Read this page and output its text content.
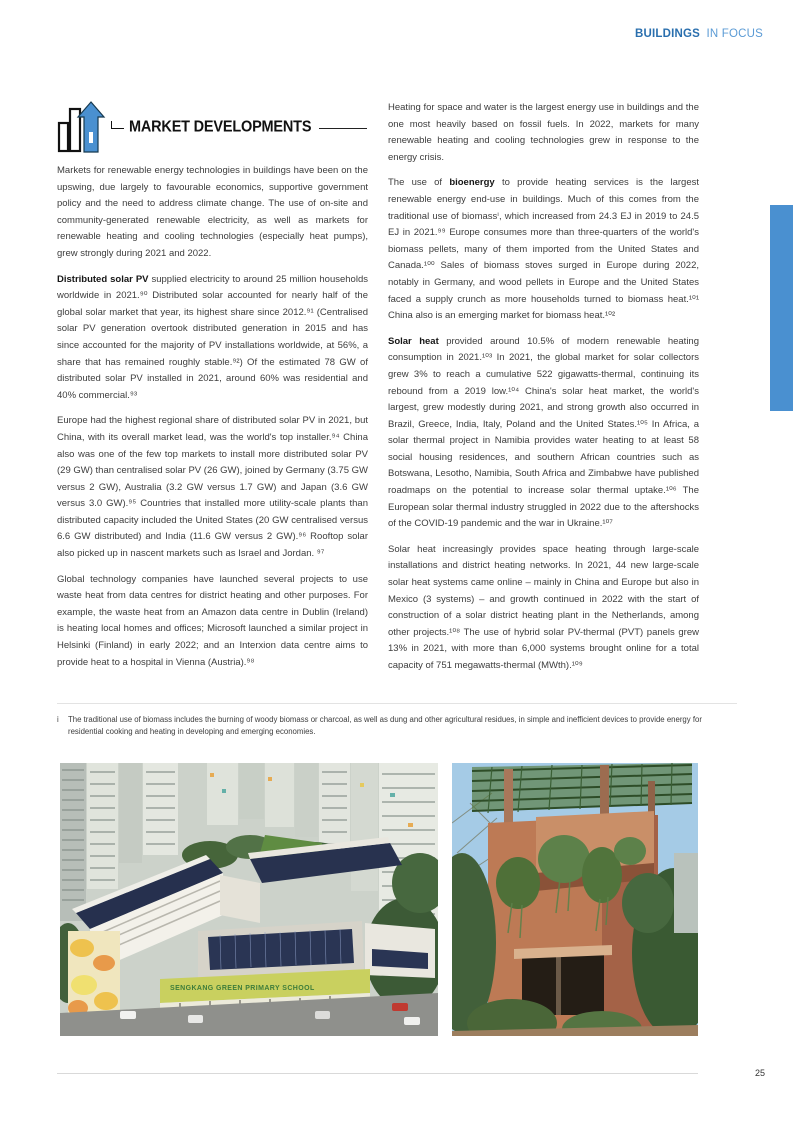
BUILDINGS IN FOCUS
MARKET DEVELOPMENTS

Markets for renewable energy technologies in buildings have been on the upswing, due largely to favourable economics, supportive government policy and the need to address climate change. The use of on-site and community-generated renewable electricity, as well as markets for renewable heating and cooling technologies (especially heat pumps), grew strongly during 2021 and 2022.

Distributed solar PV supplied electricity to around 25 million households worldwide in 2021.⁹⁰ Distributed solar accounted for nearly half of the global solar market that year, its highest share since 2012.⁹¹ (Centralised solar PV generation overtook distributed generation in 2015 and has since accounted for the majority of PV installations worldwide, at 56%, a share that has remained roughly stable.⁹²) Of the estimated 78 GW of distributed solar PV installed in 2021, around 60% was residential and 40% commercial.⁹³

Europe had the highest regional share of distributed solar PV in 2021, but China, with its overall market lead, was the world's top installer.⁹⁴ China also was one of the few top markets to install more distributed solar PV (29 GW) than centralised solar PV (26 GW), joined by Germany (3.75 GW versus 2 GW), Australia (3.2 GW versus 1.7 GW) and Japan (3.6 GW versus 3.0 GW).⁹⁵ Countries that installed more utility-scale plants than distributed capacity included the United States (20 GW centralised versus 6.6 GW distributed) and India (11.6 GW versus 2 GW).⁹⁶ Rooftop solar also picked up in nascent markets such as Israel and Jordan. ⁹⁷

Global technology companies have launched several projects to use waste heat from data centres for district heating and other purposes. For example, the waste heat from an Amazon data centre in Dublin (Ireland) is heating local homes and offices; Microsoft launched a similar project in Helsinki (Finland) in early 2022; and an Interxion data centre aims to provide heat to a hospital in Vienna (Austria).⁹⁸

Heating for space and water is the largest energy use in buildings and the one most heavily based on fossil fuels. In 2022, markets for many renewable heating and cooling technologies grew in response to the energy crisis.

The use of bioenergy to provide heating services is the largest renewable energy end-use in buildings. Much of this comes from the traditional use of biomassⁱ, which increased from 24.3 EJ in 2019 to 24.5 EJ in 2021.⁹⁹ Europe consumes more than three-quarters of the world's biomass pellets, many of them imported from the United States and Canada.¹⁰⁰ Sales of biomass stoves surged in Europe during 2022, notably in Germany, and wood pellets in Europe and the United States faced a supply crunch as more households turned to biomass heat.¹⁰¹ China also is an emerging market for biomass heat.¹⁰²

Solar heat provided around 10.5% of modern renewable heating consumption in 2021.¹⁰³ In 2021, the global market for solar collectors grew 3% to reach a cumulative 522 gigawatts-thermal, continuing its rebound from a 2019 low.¹⁰⁴ China's solar heat market, the world's largest, grew modestly during 2021, and strong growth also occurred in Brazil, Greece, India, Italy, Poland and the United States.¹⁰⁵ In Africa, a solar thermal project in Namibia provides water heating to at least 58 social housing residences, and southern African countries such as Botswana, Lesotho, Namibia, South Africa and Zimbabwe have published roadmaps on the potential to increase solar thermal uptake.¹⁰⁶ The European solar thermal industry struggled in 2022 due to the aftershocks of the COVID-19 pandemic and the war in Ukraine.¹⁰⁷

Solar heat increasingly provides space heating through large-scale installations and district heating networks. In 2021, 44 new large-scale solar heat systems came online – mainly in China and Europe but also in Mexico (3 systems) – and growth continued in 2022 with the start of construction of a solar district heating plant in the Netherlands, among other projects.¹⁰⁸ The use of hybrid solar PV-thermal (PVT) panels grew 13% in 2021, with more than 6,000 systems brought online for a total capacity of 751 megawatts-thermal (MWth).¹⁰⁹

i	The traditional use of biomass includes the burning of woody biomass or charcoal, as well as dung and other agricultural residues, in simple and inefficient devices to provide energy for residential cooking and heating in developing and emerging economies.
SENGKANG GREEN PRIMARY SCHOOL
25
